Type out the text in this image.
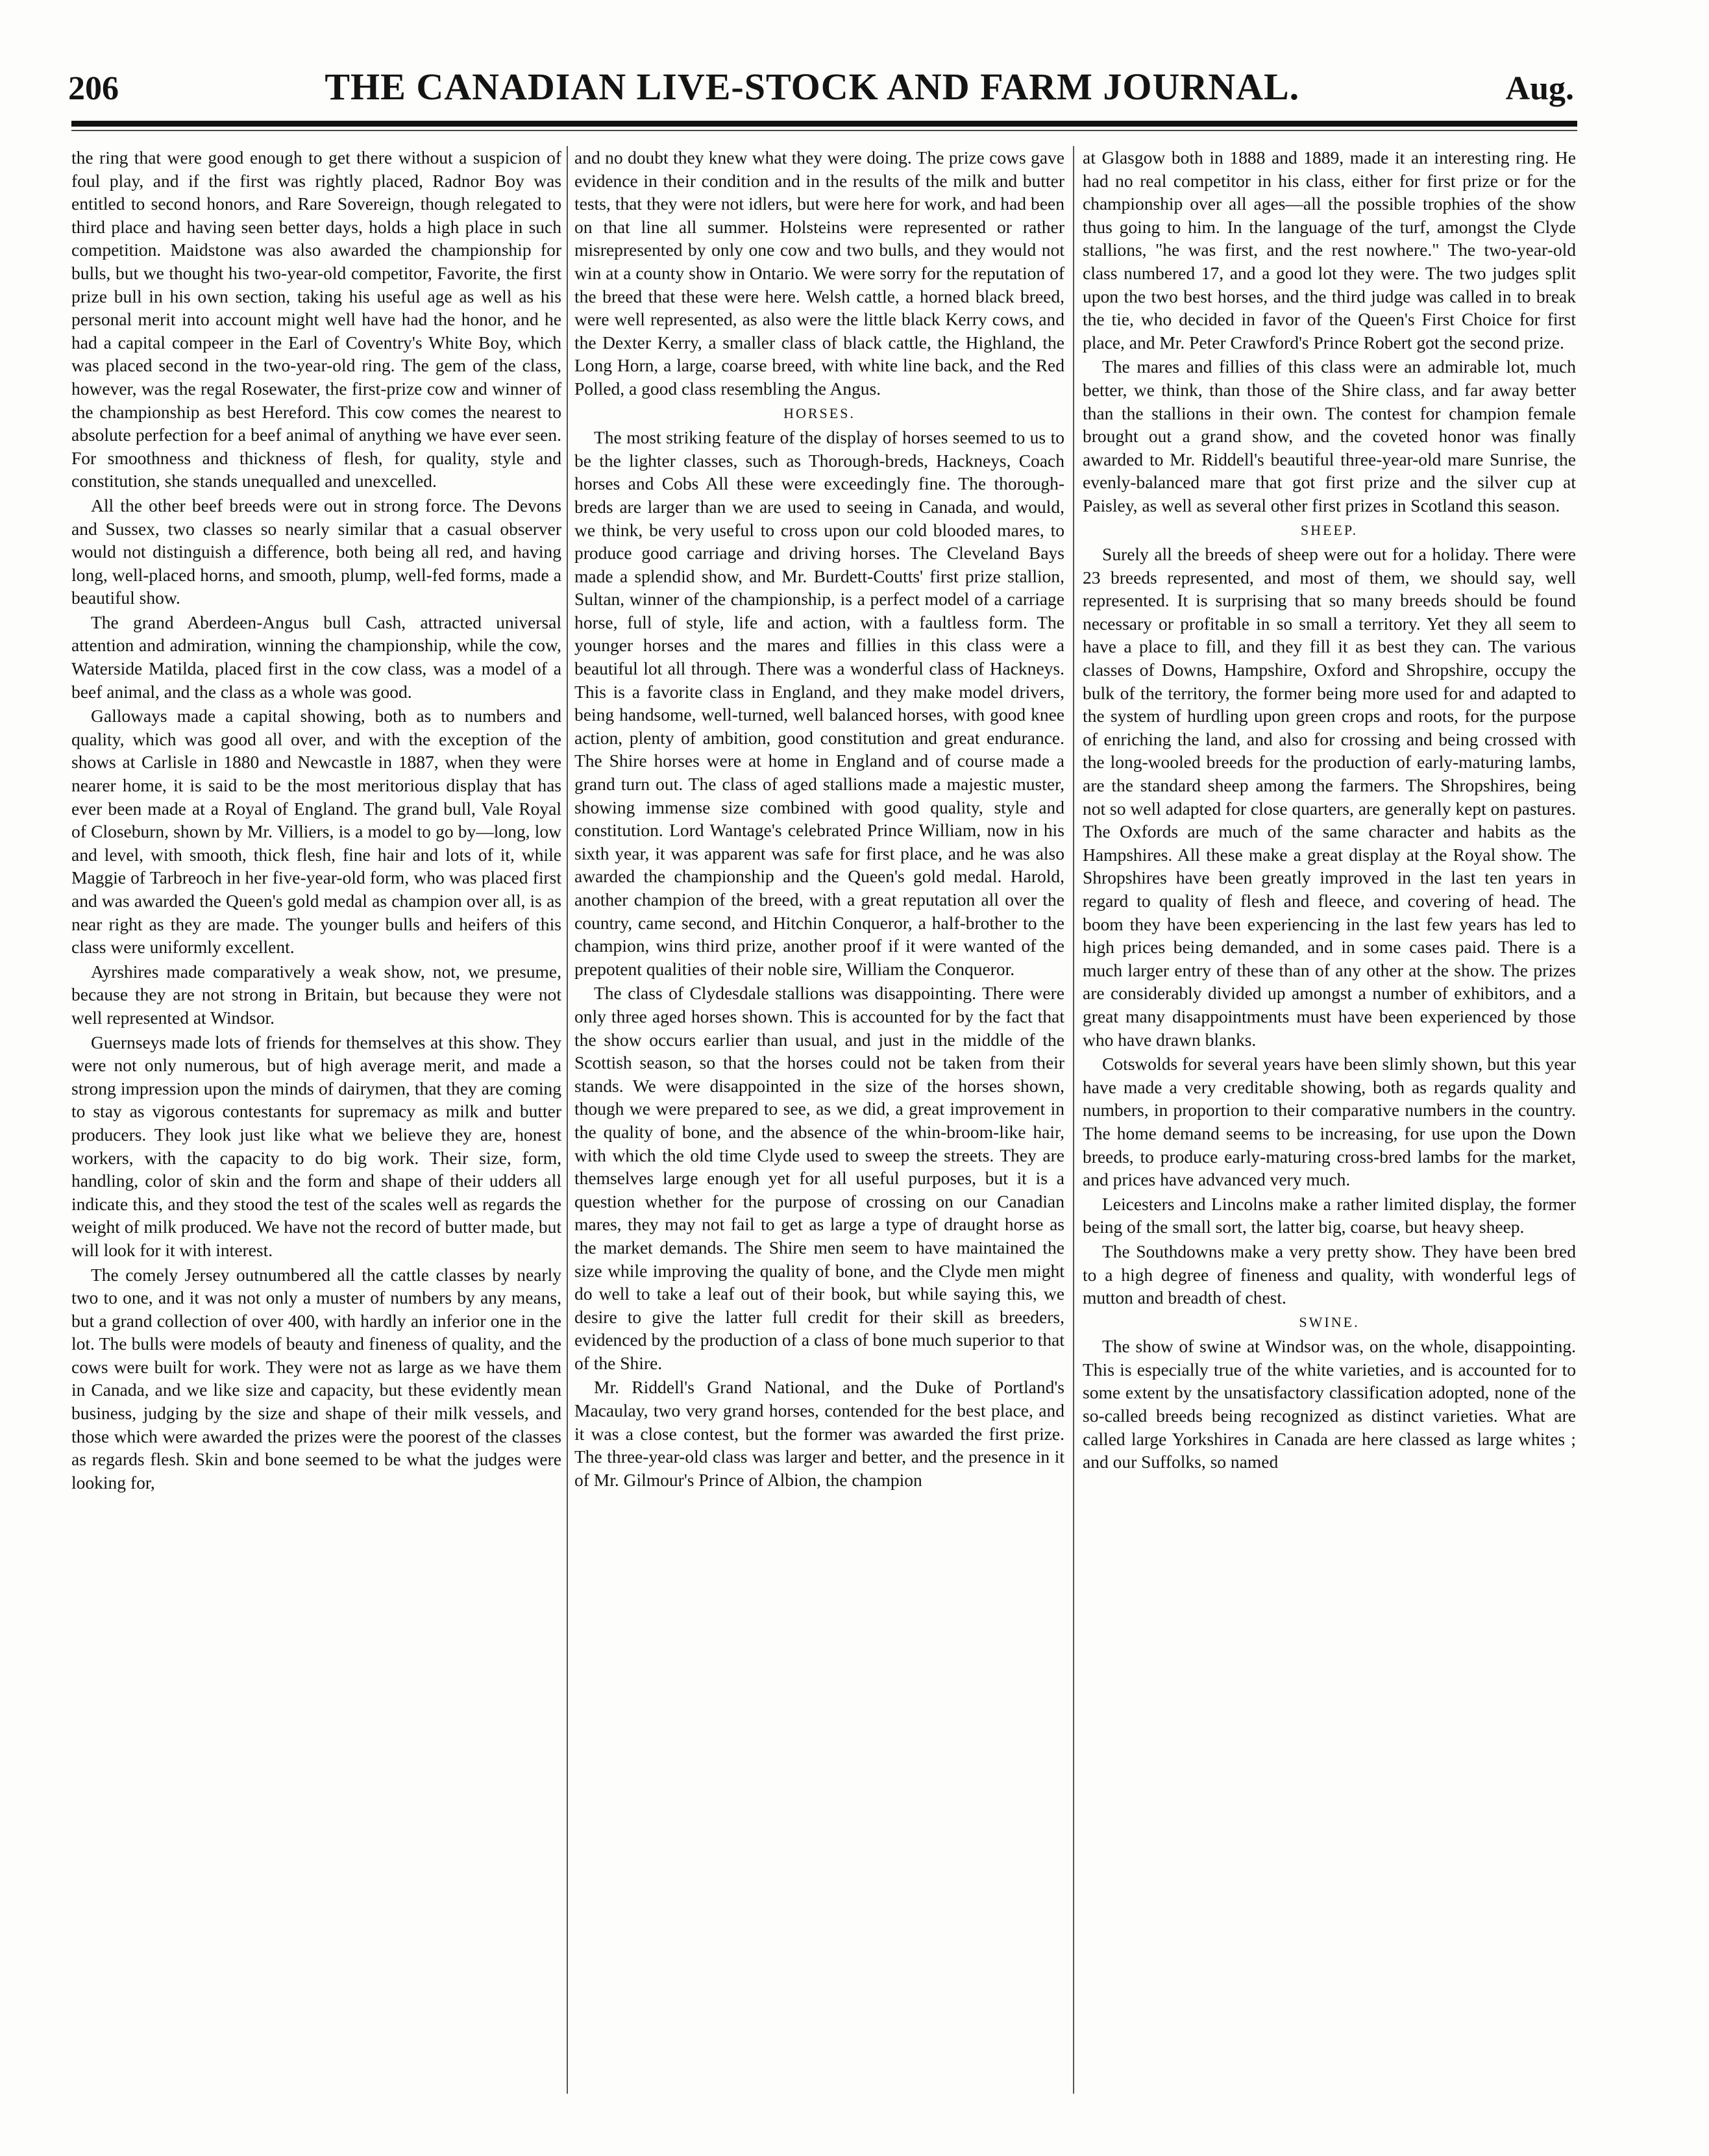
206	THE CANADIAN LIVE-STOCK AND FARM JOURNAL.	Aug.

the ring that were good enough to get there without a suspicion of foul play, and if the first was rightly placed, Radnor Boy was entitled to second honors, and Rare Sovereign, though relegated to third place and having seen better days, holds a high place in such competition. Maidstone was also awarded the championship for bulls, but we thought his two-year-old competitor, Favorite, the first prize bull in his own section, taking his useful age as well as his personal merit into account might well have had the honor, and he had a capital compeer in the Earl of Coventry's White Boy, which was placed second in the two-year-old ring. The gem of the class, however, was the regal Rosewater, the first-prize cow and winner of the championship as best Hereford. This cow comes the nearest to absolute perfection for a beef animal of anything we have ever seen. For smoothness and thickness of flesh, for quality, style and constitution, she stands unequalled and unexcelled.

All the other beef breeds were out in strong force. The Devons and Sussex, two classes so nearly similar that a casual observer would not distinguish a difference, both being all red, and having long, well-placed horns, and smooth, plump, well-fed forms, made a beautiful show.

The grand Aberdeen-Angus bull Cash, attracted universal attention and admiration, winning the championship, while the cow, Waterside Matilda, placed first in the cow class, was a model of a beef animal, and the class as a whole was good.

Galloways made a capital showing, both as to numbers and quality, which was good all over, and with the exception of the shows at Carlisle in 1880 and Newcastle in 1887, when they were nearer home, it is said to be the most meritorious display that has ever been made at a Royal of England. The grand bull, Vale Royal of Closeburn, shown by Mr. Villiers, is a model to go by—long, low and level, with smooth, thick flesh, fine hair and lots of it, while Maggie of Tarbreoch in her five-year-old form, who was placed first and was awarded the Queen's gold medal as champion over all, is as near right as they are made. The younger bulls and heifers of this class were uniformly excellent.

Ayrshires made comparatively a weak show, not, we presume, because they are not strong in Britain, but because they were not well represented at Windsor.

Guernseys made lots of friends for themselves at this show. They were not only numerous, but of high average merit, and made a strong impression upon the minds of dairymen, that they are coming to stay as vigorous contestants for supremacy as milk and butter producers. They look just like what we believe they are, honest workers, with the capacity to do big work. Their size, form, handling, color of skin and the form and shape of their udders all indicate this, and they stood the test of the scales well as regards the weight of milk produced. We have not the record of butter made, but will look for it with interest.

The comely Jersey outnumbered all the cattle classes by nearly two to one, and it was not only a muster of numbers by any means, but a grand collection of over 400, with hardly an inferior one in the lot. The bulls were models of beauty and fineness of quality, and the cows were built for work. They were not as large as we have them in Canada, and we like size and capacity, but these evidently mean business, judging by the size and shape of their milk vessels, and those which were awarded the prizes were the poorest of the classes as regards flesh. Skin and bone seemed to be what the judges were looking for,

and no doubt they knew what they were doing. The prize cows gave evidence in their condition and in the results of the milk and butter tests, that they were not idlers, but were here for work, and had been on that line all summer. Holsteins were represented or rather misrepresented by only one cow and two bulls, and they would not win at a county show in Ontario. We were sorry for the reputation of the breed that these were here. Welsh cattle, a horned black breed, were well represented, as also were the little black Kerry cows, and the Dexter Kerry, a smaller class of black cattle, the Highland, the Long Horn, a large, coarse breed, with white line back, and the Red Polled, a good class resembling the Angus.

HORSES.

The most striking feature of the display of horses seemed to us to be the lighter classes, such as Thorough-breds, Hackneys, Coach horses and Cobs All these were exceedingly fine. The thorough-breds are larger than we are used to seeing in Canada, and would, we think, be very useful to cross upon our cold blooded mares, to produce good carriage and driving horses. The Cleveland Bays made a splendid show, and Mr. Burdett-Coutts' first prize stallion, Sultan, winner of the championship, is a perfect model of a carriage horse, full of style, life and action, with a faultless form. The younger horses and the mares and fillies in this class were a beautiful lot all through. There was a wonderful class of Hackneys. This is a favorite class in England, and they make model drivers, being handsome, well-turned, well balanced horses, with good knee action, plenty of ambition, good constitution and great endurance. The Shire horses were at home in England and of course made a grand turn out. The class of aged stallions made a majestic muster, showing immense size combined with good quality, style and constitution. Lord Wantage's celebrated Prince William, now in his sixth year, it was apparent was safe for first place, and he was also awarded the championship and the Queen's gold medal. Harold, another champion of the breed, with a great reputation all over the country, came second, and Hitchin Conqueror, a half-brother to the champion, wins third prize, another proof if it were wanted of the prepotent qualities of their noble sire, William the Conqueror.

The class of Clydesdale stallions was disappointing. There were only three aged horses shown. This is accounted for by the fact that the show occurs earlier than usual, and just in the middle of the Scottish season, so that the horses could not be taken from their stands. We were disappointed in the size of the horses shown, though we were prepared to see, as we did, a great improvement in the quality of bone, and the absence of the whin-broom-like hair, with which the old time Clyde used to sweep the streets. They are themselves large enough yet for all useful purposes, but it is a question whether for the purpose of crossing on our Canadian mares, they may not fail to get as large a type of draught horse as the market demands. The Shire men seem to have maintained the size while improving the quality of bone, and the Clyde men might do well to take a leaf out of their book, but while saying this, we desire to give the latter full credit for their skill as breeders, evidenced by the production of a class of bone much superior to that of the Shire.

Mr. Riddell's Grand National, and the Duke of Portland's Macaulay, two very grand horses, contended for the best place, and it was a close contest, but the former was awarded the first prize. The three-year-old class was larger and better, and the presence in it of Mr. Gilmour's Prince of Albion, the champion

at Glasgow both in 1888 and 1889, made it an interesting ring. He had no real competitor in his class, either for first prize or for the championship over all ages—all the possible trophies of the show thus going to him. In the language of the turf, amongst the Clyde stallions, "he was first, and the rest nowhere." The two-year-old class numbered 17, and a good lot they were. The two judges split upon the two best horses, and the third judge was called in to break the tie, who decided in favor of the Queen's First Choice for first place, and Mr. Peter Crawford's Prince Robert got the second prize.

The mares and fillies of this class were an admirable lot, much better, we think, than those of the Shire class, and far away better than the stallions in their own. The contest for champion female brought out a grand show, and the coveted honor was finally awarded to Mr. Riddell's beautiful three-year-old mare Sunrise, the evenly-balanced mare that got first prize and the silver cup at Paisley, as well as several other first prizes in Scotland this season.

SHEEP.

Surely all the breeds of sheep were out for a holiday. There were 23 breeds represented, and most of them, we should say, well represented. It is surprising that so many breeds should be found necessary or profitable in so small a territory. Yet they all seem to have a place to fill, and they fill it as best they can. The various classes of Downs, Hampshire, Oxford and Shropshire, occupy the bulk of the territory, the former being more used for and adapted to the system of hurdling upon green crops and roots, for the purpose of enriching the land, and also for crossing and being crossed with the long-wooled breeds for the production of early-maturing lambs, are the standard sheep among the farmers. The Shropshires, being not so well adapted for close quarters, are generally kept on pastures. The Oxfords are much of the same character and habits as the Hampshires. All these make a great display at the Royal show. The Shropshires have been greatly improved in the last ten years in regard to quality of flesh and fleece, and covering of head. The boom they have been experiencing in the last few years has led to high prices being demanded, and in some cases paid. There is a much larger entry of these than of any other at the show. The prizes are considerably divided up amongst a number of exhibitors, and a great many disappointments must have been experienced by those who have drawn blanks.

Cotswolds for several years have been slimly shown, but this year have made a very creditable showing, both as regards quality and numbers, in proportion to their comparative numbers in the country. The home demand seems to be increasing, for use upon the Down breeds, to produce early-maturing cross-bred lambs for the market, and prices have advanced very much.

Leicesters and Lincolns make a rather limited display, the former being of the small sort, the latter big, coarse, but heavy sheep.

The Southdowns make a very pretty show. They have been bred to a high degree of fineness and quality, with wonderful legs of mutton and breadth of chest.

SWINE.

The show of swine at Windsor was, on the whole, disappointing. This is especially true of the white varieties, and is accounted for to some extent by the unsatisfactory classification adopted, none of the so-called breeds being recognized as distinct varieties. What are called large Yorkshires in Canada are here classed as large whites ; and our Suffolks, so named
